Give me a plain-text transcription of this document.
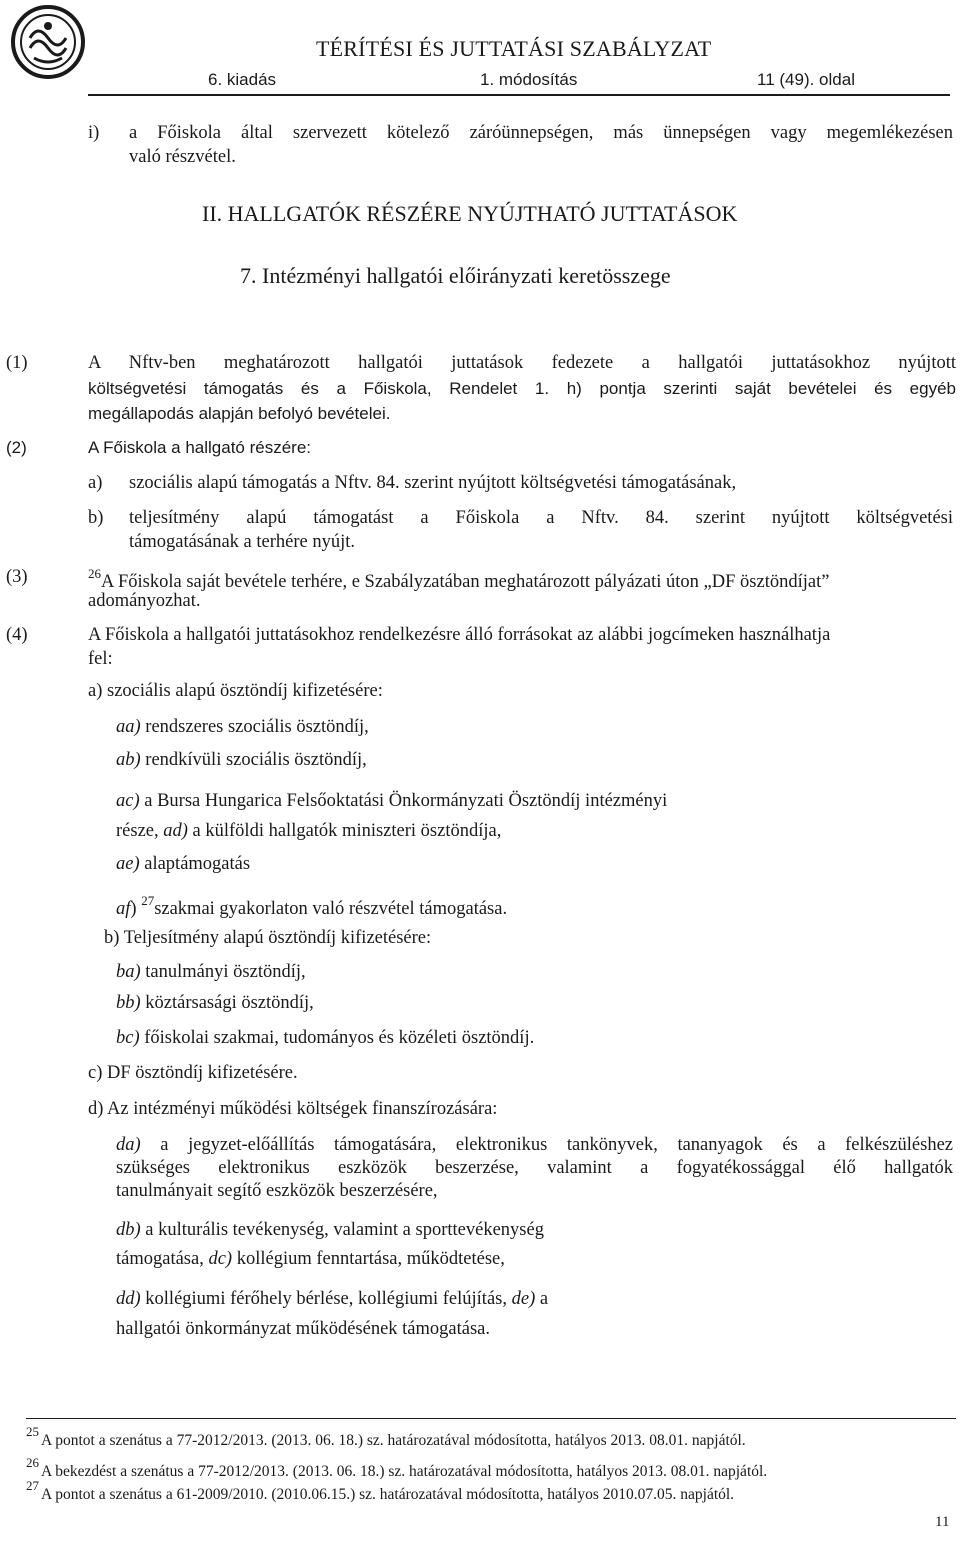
TÉRÍTÉSI ÉS JUTTATÁSI SZABÁLYZAT
6. kiadás	1. módosítás	11 (49). oldal
i) a Főiskola által szervezett kötelező záróünnepségen, más ünnepségen vagy megemlékezésen
való részvétel.
II. HALLGATÓK RÉSZÉRE NYÚJTHATÓ JUTTATÁSOK
7. Intézményi hallgatói előirányzati keretösszege
(1)	A Nftv-ben meghatározott hallgatói juttatások fedezete a hallgatói juttatásokhoz nyújtott
költségvetési támogatás és a Főiskola, Rendelet 1. h) pontja szerinti saját bevételei és egyéb
megállapodás alapján befolyó bevételei.
(2)	A Főiskola a hallgató részére:
a) szociális alapú támogatás a Nftv. 84. szerint nyújtott költségvetési támogatásának,
b) teljesítmény alapú támogatást a Főiskola a Nftv. 84. szerint nyújtott költségvetési
támogatásának a terhére nyújt.
(3)	$^{26}$A Főiskola saját bevétele terhére, e Szabályzatában meghatározott pályázati úton „DF ösztöndíjat”
adományozhat.
(4)	A Főiskola a hallgatói juttatásokhoz rendelkezésre álló forrásokat az alábbi jogcímeken használhatja
fel:
a) szociális alapú ösztöndíj kifizetésére:
aa) rendszeres szociális ösztöndíj,
ab) rendkívüli szociális ösztöndíj,
ac) a Bursa Hungarica Felsőoktatási Önkormányzati Ösztöndíj intézményi
része, ad) a külföldi hallgatók miniszteri ösztöndíja,
ae) alaptámogatás
af) $^{27}$szakmai gyakorlaton való részvétel támogatása.
b) Teljesítmény alapú ösztöndíj kifizetésére:
ba) tanulmányi ösztöndíj,
bb) köztársasági ösztöndíj,
bc) főiskolai szakmai, tudományos és közéleti ösztöndíj.
c) DF ösztöndíj kifizetésére.
d) Az intézményi működési költségek finanszírozására:
da) a jegyzet-előállítás támogatására, elektronikus tankönyvek, tananyagok és a felkészüléshez
szükséges elektronikus eszközök beszerzése, valamint a fogyatékossággal élő hallgatók
tanulmányait segítő eszközök beszerzésére,
db) a kulturális tevékenység, valamint a sporttevékenység
támogatása, dc) kollégium fenntartása, működtetése,
dd) kollégiumi férőhely bérlése, kollégiumi felújítás, de) a
hallgatói önkormányzat működésének támogatása.
$^{25}$A pontot a szenátus a 77-2012/2013. (2013. 06. 18.) sz. határozatával módosította, hatályos 2013. 08.01. napjától.
$^{26}$A bekezdést a szenátus a 77-2012/2013. (2013. 06. 18.) sz. határozatával módosította, hatályos 2013. 08.01. napjától.
$^{27}$A pontot a szenátus a 61-2009/2010. (2010.06.15.) sz. határozatával módosította, hatályos 2010.07.05. napjától.
11
